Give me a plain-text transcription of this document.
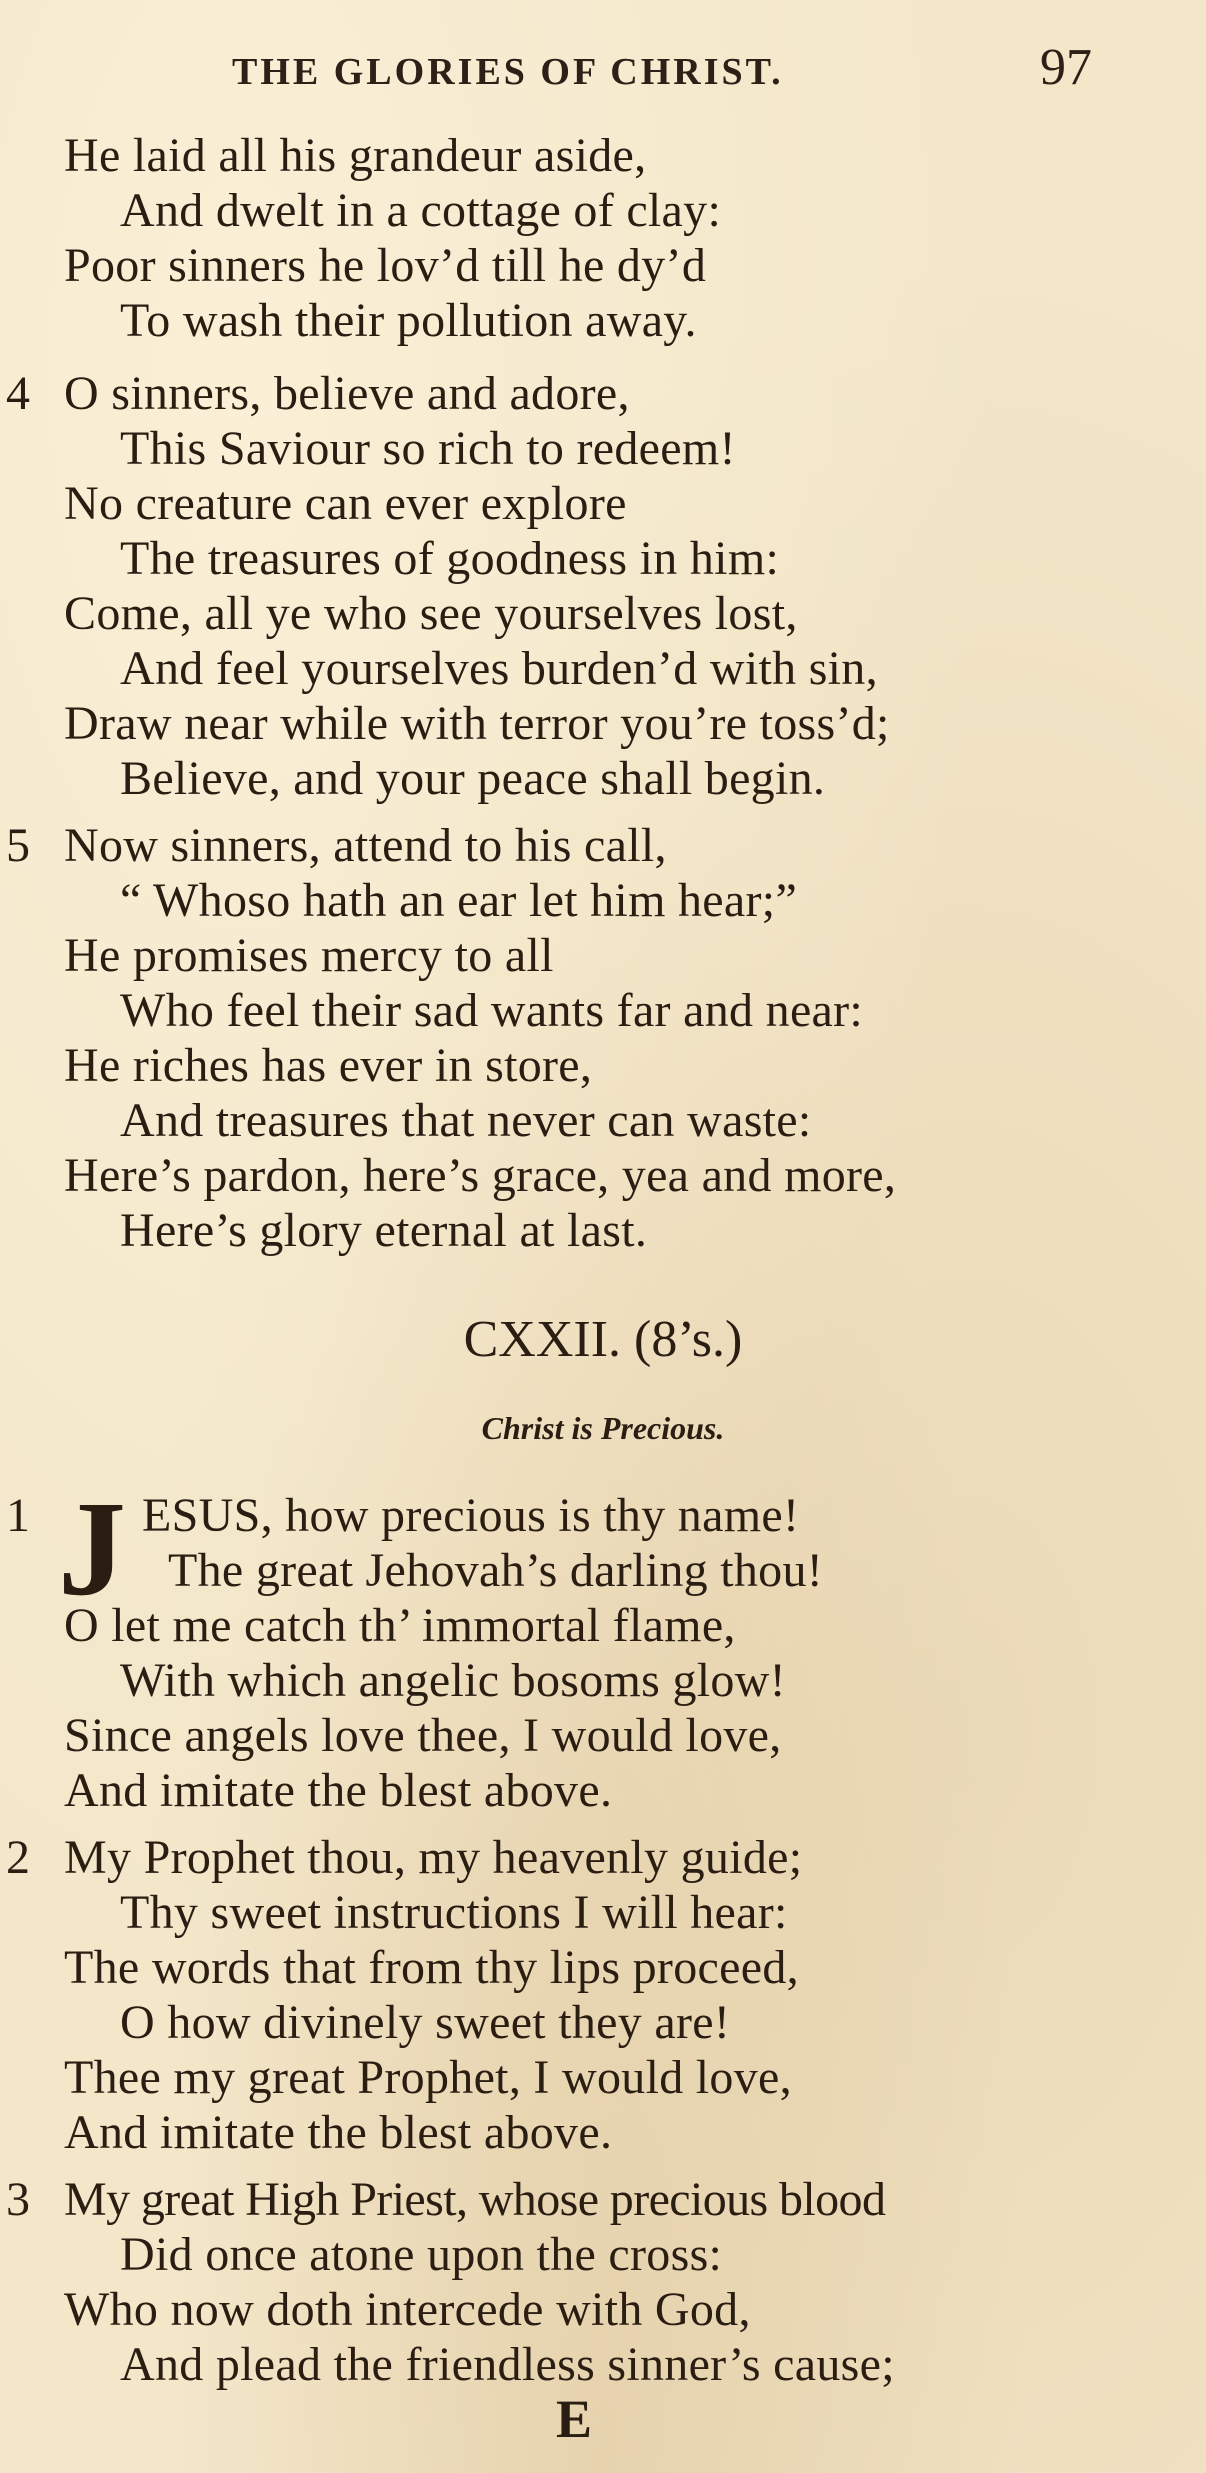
THE GLORIES OF CHRIST.	97
He laid all his grandeur aside,
And dwelt in a cottage of clay:
Poor sinners he lov’d till he dy’d
To wash their pollution away.
4 O sinners, believe and adore,
This Saviour so rich to redeem!
No creature can ever explore
The treasures of goodness in him:
Come, all ye who see yourselves lost,
And feel yourselves burden’d with sin,
Draw near while with terror you’re toss’d;
Believe, and your peace shall begin.
5 Now sinners, attend to his call,
“ Whoso hath an ear let him hear;”
He promises mercy to all
Who feel their sad wants far and near:
He riches has ever in store,
And treasures that never can waste:
Here’s pardon, here’s grace, yea and more,
Here’s glory eternal at last.
CXXII. (8’s.)
Christ is Precious.
1 J ESUS, how precious is thy name!
The great Jehovah’s darling thou!
O let me catch th’ immortal flame,
With which angelic bosoms glow!
Since angels love thee, I would love,
And imitate the blest above.
2 My Prophet thou, my heavenly guide;
Thy sweet instructions I will hear:
The words that from thy lips proceed,
O how divinely sweet they are!
Thee my great Prophet, I would love,
And imitate the blest above.
3 My great High Priest, whose precious blood
Did once atone upon the cross:
Who now doth intercede with God,
And plead the friendless sinner’s cause;
E
